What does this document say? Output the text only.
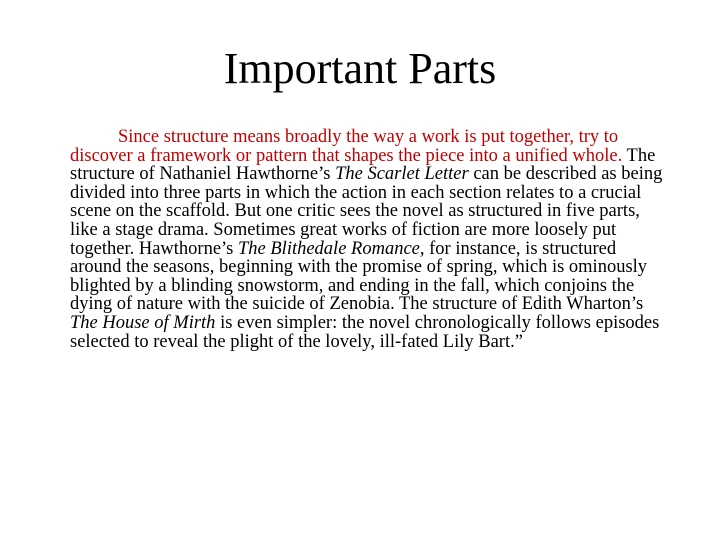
Important Parts

Since structure means broadly the way a work is put together, try to discover a framework or pattern that shapes the piece into a unified whole. The structure of Nathaniel Hawthorne’s The Scarlet Letter can be described as being divided into three parts in which the action in each section relates to a crucial scene on the scaffold. But one critic sees the novel as structured in five parts, like a stage drama. Sometimes great works of fiction are more loosely put together. Hawthorne’s The Blithedale Romance, for instance, is structured around the seasons, beginning with the promise of spring, which is ominously blighted by a blinding snowstorm, and ending in the fall, which conjoins the dying of nature with the suicide of Zenobia. The structure of Edith Wharton’s The House of Mirth is even simpler: the novel chronologically follows episodes selected to reveal the plight of the lovely, ill-fated Lily Bart.”
